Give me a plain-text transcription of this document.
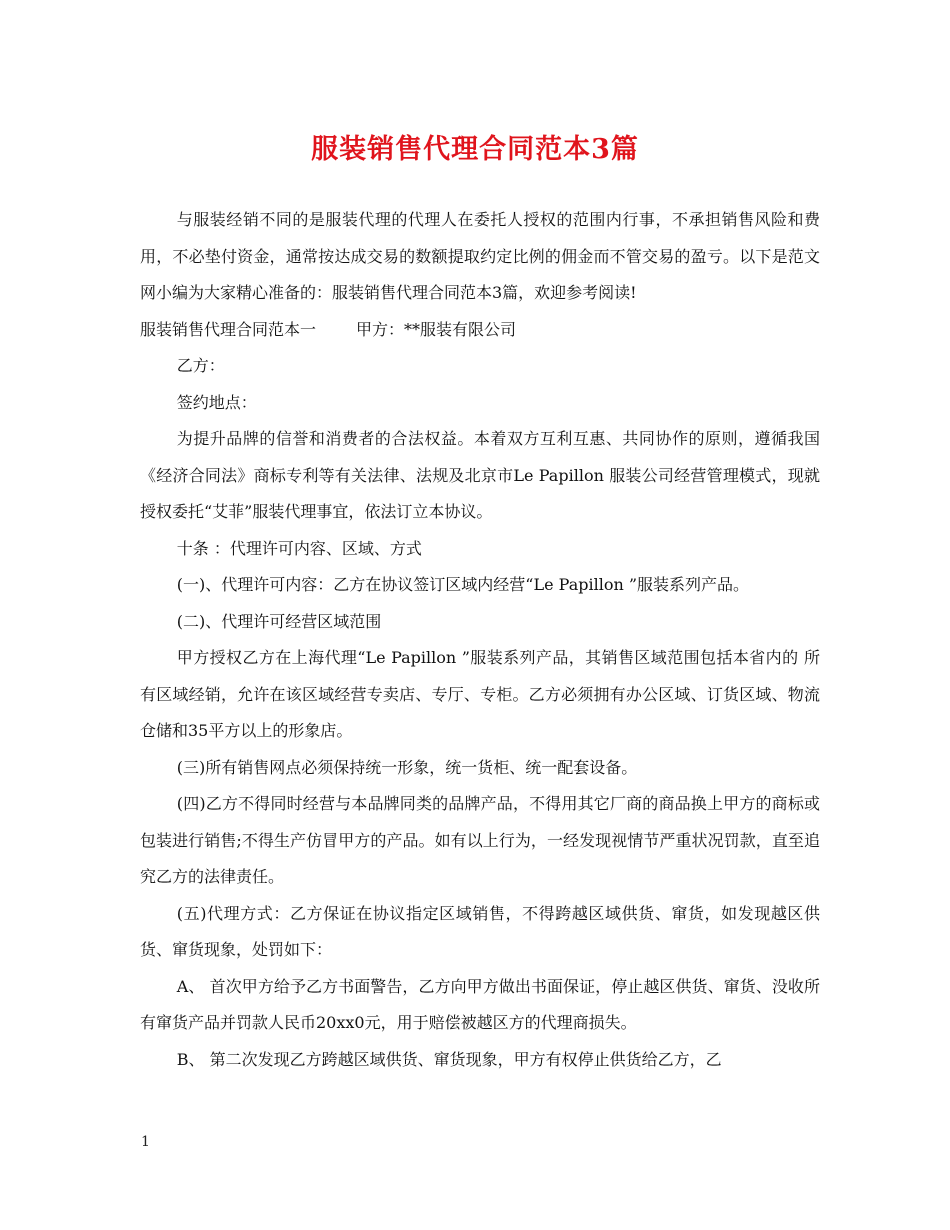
服装销售代理合同范本3篇

与服装经销不同的是服装代理的代理人在委托人授权的范围内行事，不承担销售风险和费用，不必垫付资金，通常按达成交易的数额提取约定比例的佣金而不管交易的盈亏。以下是范文网小编为大家精心准备的：服装销售代理合同范本3篇，欢迎参考阅读!

服装销售代理合同范本一	甲方：**服装有限公司

乙方：

签约地点：

为提升品牌的信誉和消费者的合法权益。本着双方互利互惠、共同协作的原则，遵循我国《经济合同法》商标专利等有关法律、法规及北京市Le Papillon 服装公司经营管理模式，现就授权委托“艾菲”服装代理事宜，依法订立本协议。

十条 ：代理许可内容、区域、方式

(一)、代理许可内容：乙方在协议签订区域内经营“Le Papillon ”服装系列产品。

(二)、代理许可经营区域范围

甲方授权乙方在上海代理“Le Papillon ”服装系列产品，其销售区域范围包括本省内的 所有区域经销，允许在该区域经营专卖店、专厅、专柜。乙方必须拥有办公区域、订货区域、物流仓储和35平方以上的形象店。

(三)所有销售网点必须保持统一形象，统一货柜、统一配套设备。

(四)乙方不得同时经营与本品牌同类的品牌产品，不得用其它厂商的商品换上甲方的商标或包装进行销售;不得生产仿冒甲方的产品。如有以上行为，一经发现视情节严重状况罚款，直至追究乙方的法律责任。

(五)代理方式：乙方保证在协议指定区域销售，不得跨越区域供货、窜货，如发现越区供货、窜货现象，处罚如下：

A、 首次甲方给予乙方书面警告，乙方向甲方做出书面保证，停止越区供货、窜货、没收所有窜货产品并罚款人民币20xx0元，用于赔偿被越区方的代理商损失。

B、 第二次发现乙方跨越区域供货、窜货现象，甲方有权停止供货给乙方，乙

1
